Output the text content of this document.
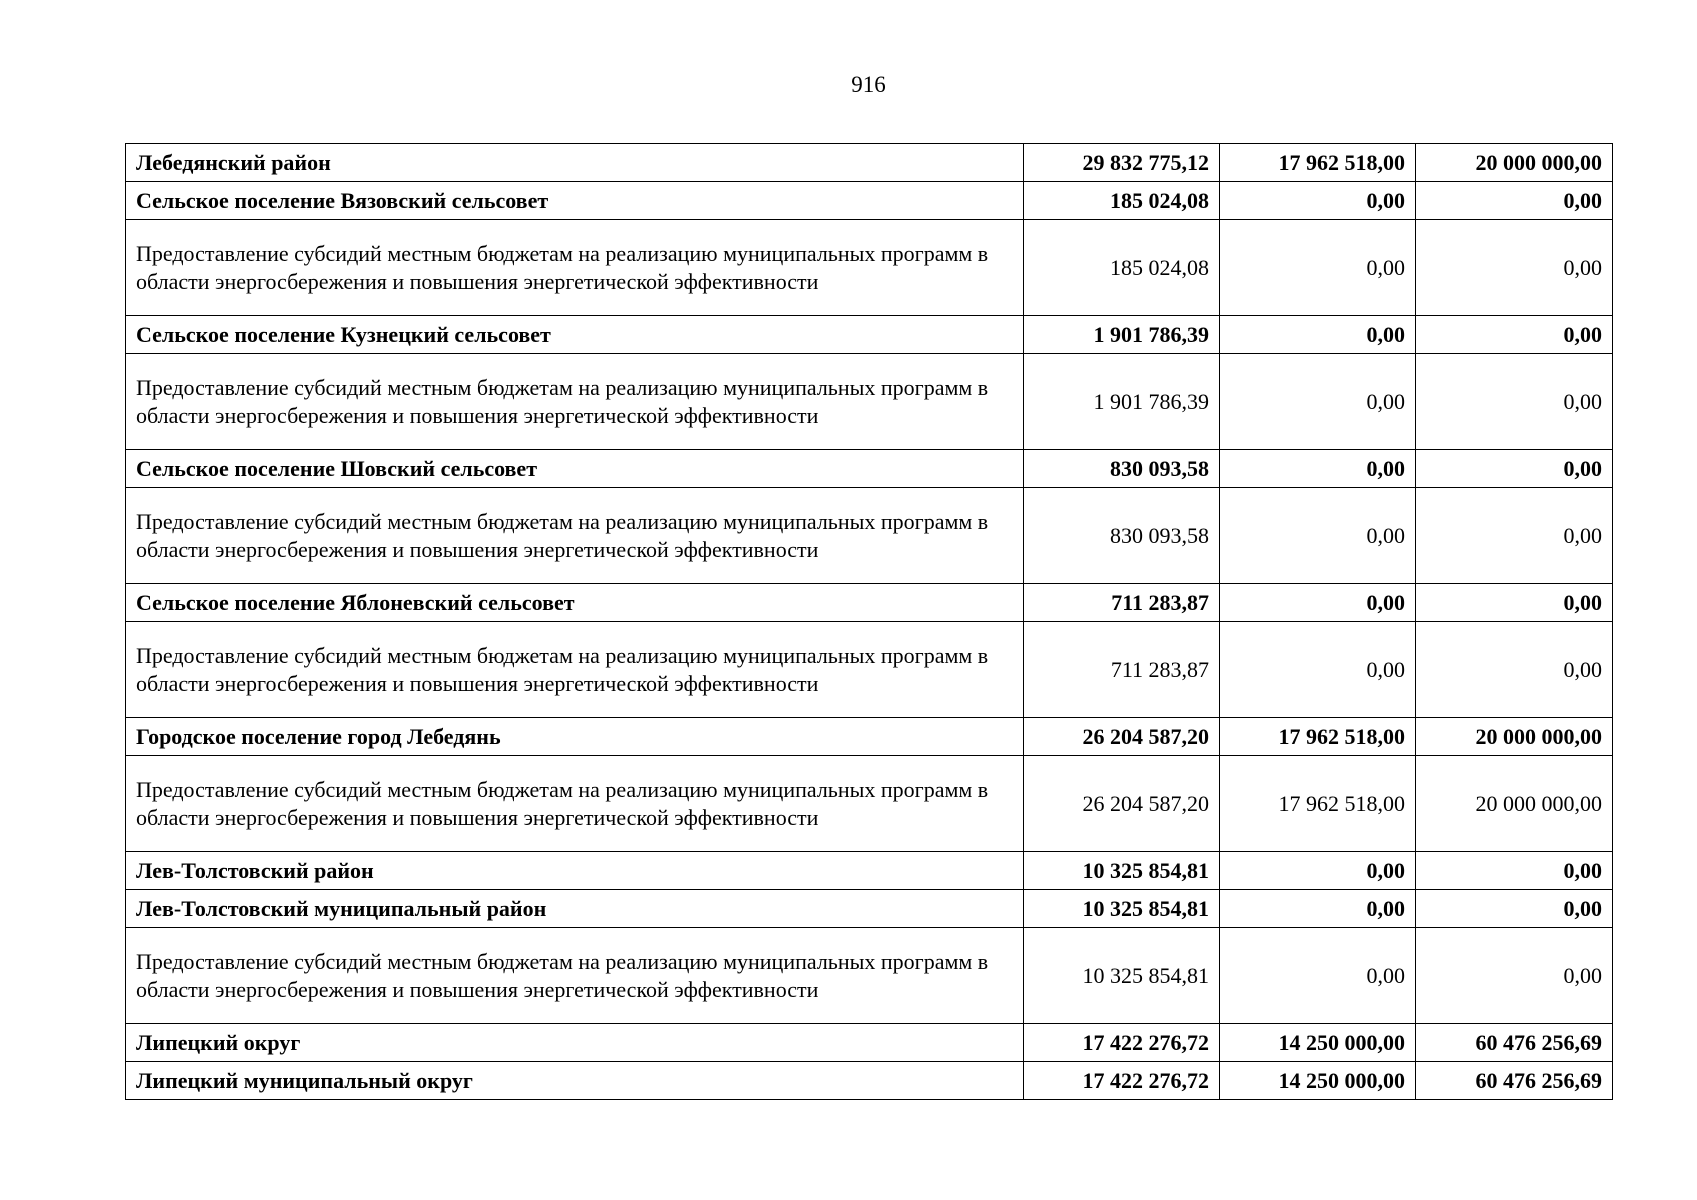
916
Лебедянский район	29 832 775,12	17 962 518,00	20 000 000,00
Сельское поселение Вязовский сельсовет	185 024,08	0,00	0,00
Предоставление субсидий местным бюджетам на реализацию муниципальных программ в области энергосбережения и повышения энергетической эффективности	185 024,08	0,00	0,00
Сельское поселение Кузнецкий сельсовет	1 901 786,39	0,00	0,00
Предоставление субсидий местным бюджетам на реализацию муниципальных программ в области энергосбережения и повышения энергетической эффективности	1 901 786,39	0,00	0,00
Сельское поселение Шовский сельсовет	830 093,58	0,00	0,00
Предоставление субсидий местным бюджетам на реализацию муниципальных программ в области энергосбережения и повышения энергетической эффективности	830 093,58	0,00	0,00
Сельское поселение Яблоневский сельсовет	711 283,87	0,00	0,00
Предоставление субсидий местным бюджетам на реализацию муниципальных программ в области энергосбережения и повышения энергетической эффективности	711 283,87	0,00	0,00
Городское поселение город Лебедянь	26 204 587,20	17 962 518,00	20 000 000,00
Предоставление субсидий местным бюджетам на реализацию муниципальных программ в области энергосбережения и повышения энергетической эффективности	26 204 587,20	17 962 518,00	20 000 000,00
Лев-Толстовский район	10 325 854,81	0,00	0,00
Лев-Толстовский муниципальный район	10 325 854,81	0,00	0,00
Предоставление субсидий местным бюджетам на реализацию муниципальных программ в области энергосбережения и повышения энергетической эффективности	10 325 854,81	0,00	0,00
Липецкий округ	17 422 276,72	14 250 000,00	60 476 256,69
Липецкий муниципальный округ	17 422 276,72	14 250 000,00	60 476 256,69
